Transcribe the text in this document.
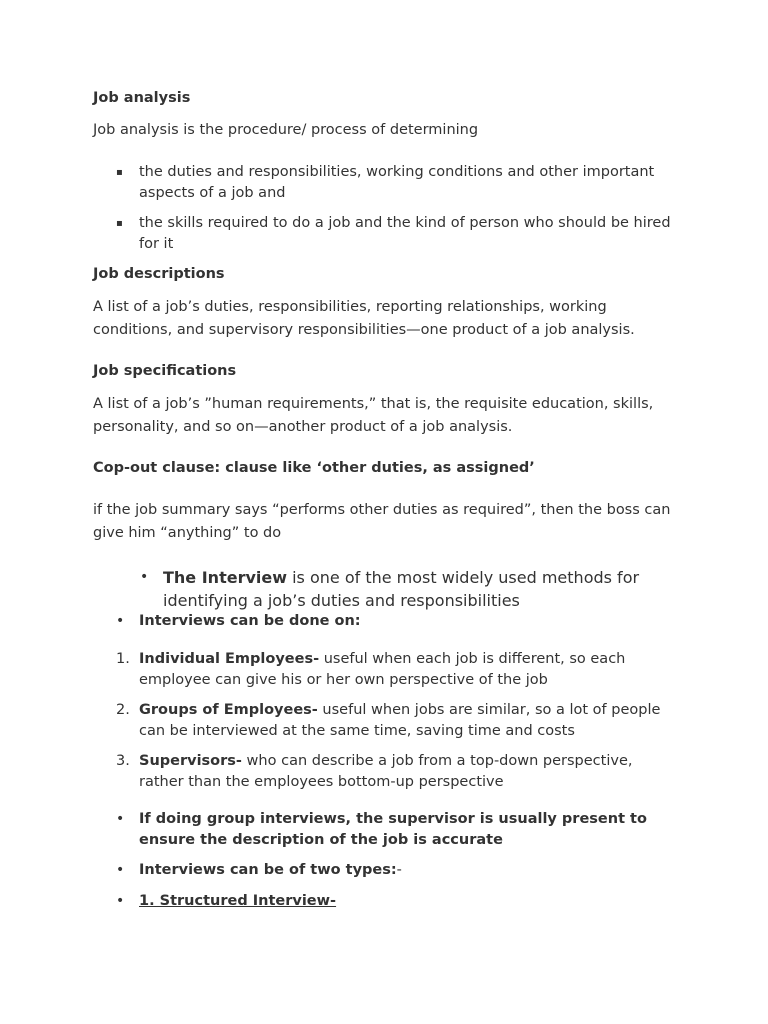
Job analysis
Job analysis is the procedure/ process of determining
▪ the duties and responsibilities, working conditions and other important aspects of a job and
▪ the skills required to do a job and the kind of person who should be hired for it
Job descriptions
A list of a job’s duties, responsibilities, reporting relationships, working conditions, and supervisory responsibilities—one product of a job analysis.
Job specifications
A list of a job’s ”human requirements,” that is, the requisite education, skills, personality, and so on—another product of a job analysis.
Cop-out clause: clause like ‘other duties, as assigned’
if the job summary says “performs other duties as required”, then the boss can give him “anything” to do
• The Interview is one of the most widely used methods for identifying a job’s duties and responsibilities
• Interviews can be done on:
1. Individual Employees- useful when each job is different, so each employee can give his or her own perspective of the job
2. Groups of Employees- useful when jobs are similar, so a lot of people can be interviewed at the same time, saving time and costs
3. Supervisors- who can describe a job from a top-down perspective, rather than the employees bottom-up perspective
• If doing group interviews, the supervisor is usually present to ensure the description of the job is accurate
• Interviews can be of two types:-
• 1. Structured Interview-
